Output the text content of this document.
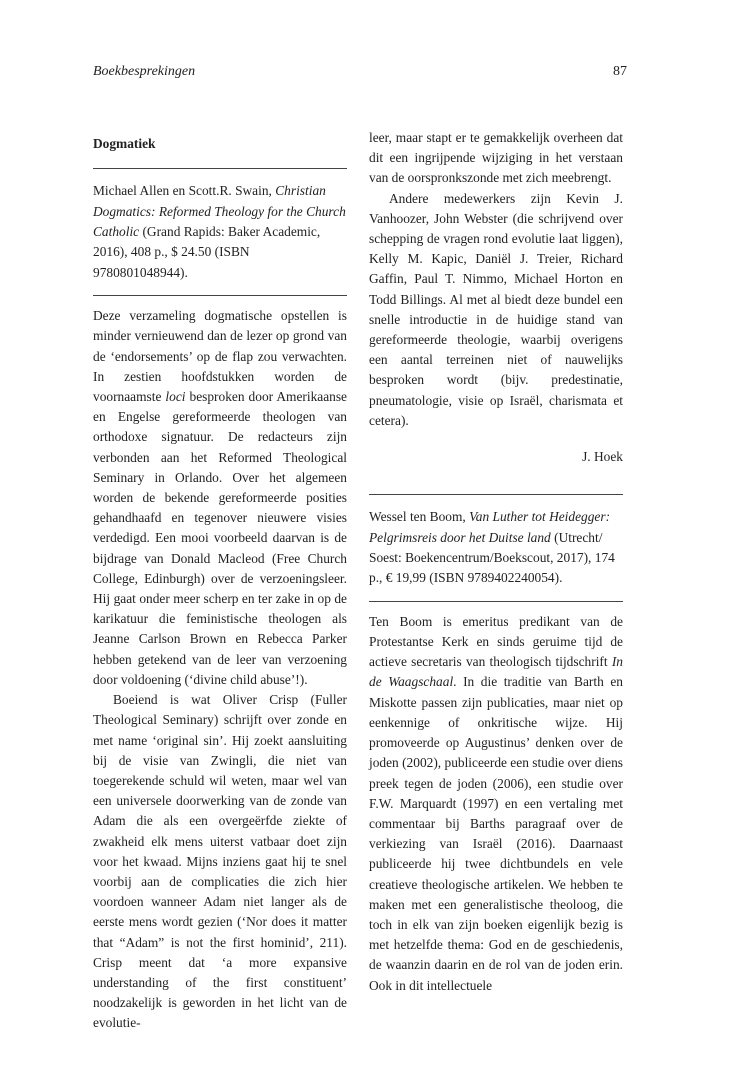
Boekbesprekingen	87
Dogmatiek

Michael Allen en Scott.R. Swain, Christian Dogmatics: Reformed Theology for the Church Catholic (Grand Rapids: Baker Academic, 2016), 408 p., $ 24.50 (ISBN 9780801048944).

Deze verzameling dogmatische opstellen is minder vernieuwend dan de lezer op grond van de ‘endorsements’ op de flap zou verwachten. In zestien hoofdstukken worden de voornaamste loci besproken door Amerikaanse en Engelse gereformeerde theologen van orthodoxe signatuur. De redacteurs zijn verbonden aan het Reformed Theological Seminary in Orlando. Over het algemeen worden de bekende gereformeerde posities gehandhaafd en tegenover nieuwere visies verdedigd. Een mooi voorbeeld daarvan is de bijdrage van Donald Macleod (Free Church College, Edinburgh) over de verzoeningsleer. Hij gaat onder meer scherp en ter zake in op de karikatuur die feministische theologen als Jeanne Carlson Brown en Rebecca Parker hebben getekend van de leer van verzoening door voldoening (‘divine child abuse’!).

Boeiend is wat Oliver Crisp (Fuller Theological Seminary) schrijft over zonde en met name ‘original sin’. Hij zoekt aansluiting bij de visie van Zwingli, die niet van toegerekende schuld wil weten, maar wel van een universele doorwerking van de zonde van Adam die als een overgeërfde ziekte of zwakheid elk mens uiterst vatbaar doet zijn voor het kwaad. Mijns inziens gaat hij te snel voorbij aan de complicaties die zich hier voordoen wanneer Adam niet langer als de eerste mens wordt gezien (‘Nor does it matter that “Adam” is not the first hominid’, 211). Crisp meent dat ‘a more expansive understanding of the first constituent’ noodzakelijk is geworden in het licht van de evolutie-

leer, maar stapt er te gemakkelijk overheen dat dit een ingrijpende wijziging in het verstaan van de oorspronkszonde met zich meebrengt.

Andere medewerkers zijn Kevin J. Vanhoozer, John Webster (die schrijvend over schepping de vragen rond evolutie laat liggen), Kelly M. Kapic, Daniël J. Treier, Richard Gaffin, Paul T. Nimmo, Michael Horton en Todd Billings. Al met al biedt deze bundel een snelle introductie in de huidige stand van gereformeerde theologie, waarbij overigens een aantal terreinen niet of nauwelijks besproken wordt (bijv. predestinatie, pneumatologie, visie op Israël, charismata et cetera).

J. Hoek

Wessel ten Boom, Van Luther tot Heidegger: Pelgrimsreis door het Duitse land (Utrecht/ Soest: Boekencentrum/Boekscout, 2017), 174 p., € 19,99 (ISBN 9789402240054).

Ten Boom is emeritus predikant van de Protestantse Kerk en sinds geruime tijd de actieve secretaris van theologisch tijdschrift In de Waagschaal. In die traditie van Barth en Miskotte passen zijn publicaties, maar niet op eenkennige of onkritische wijze. Hij promoveerde op Augustinus’ denken over de joden (2002), publiceerde een studie over diens preek tegen de joden (2006), een studie over F.W. Marquardt (1997) en een vertaling met commentaar bij Barths paragraaf over de verkiezing van Israël (2016). Daarnaast publiceerde hij twee dichtbundels en vele creatieve theologische artikelen. We hebben te maken met een generalistische theoloog, die toch in elk van zijn boeken eigenlijk bezig is met hetzelfde thema: God en de geschiedenis, de waanzin daarin en de rol van de joden erin. Ook in dit intellectuele
